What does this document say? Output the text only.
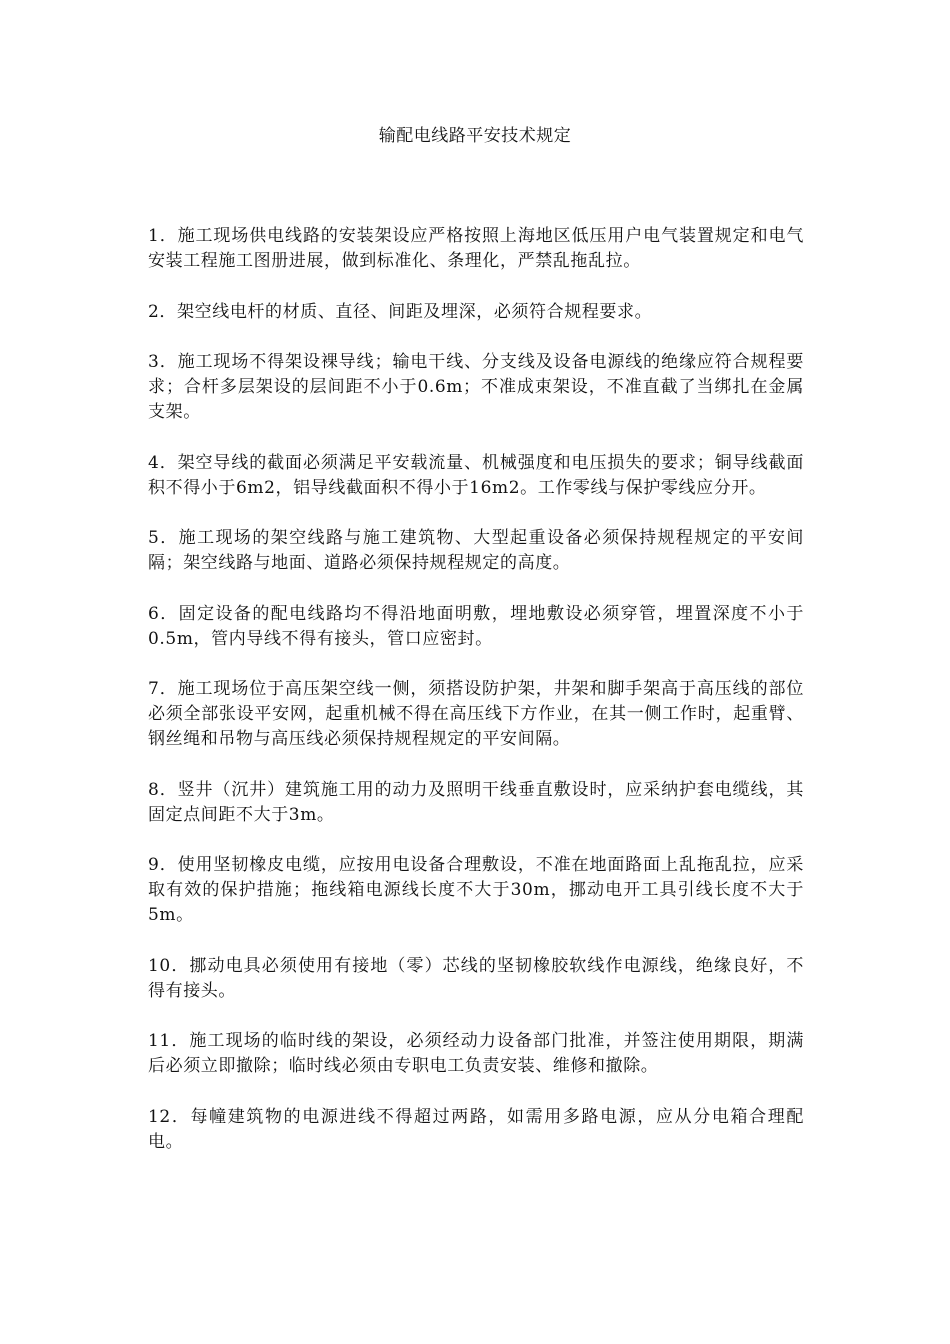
输配电线路平安技术规定
1．施工现场供电线路的安装架设应严格按照上海地区低压用户电气装置规定和电气安装工程施工图册进展，做到标准化、条理化，严禁乱拖乱拉。
2．架空线电杆的材质、直径、间距及埋深，必须符合规程要求。
3．施工现场不得架设裸导线；输电干线、分支线及设备电源线的绝缘应符合规程要求；合杆多层架设的层间距不小于0.6m；不准成束架设，不准直截了当绑扎在金属支架。
4．架空导线的截面必须满足平安载流量、机械强度和电压损失的要求；铜导线截面积不得小于6m2，铝导线截面积不得小于16m2。工作零线与保护零线应分开。
5．施工现场的架空线路与施工建筑物、大型起重设备必须保持规程规定的平安间隔；架空线路与地面、道路必须保持规程规定的高度。
6．固定设备的配电线路均不得沿地面明敷，埋地敷设必须穿管，埋置深度不小于0.5m，管内导线不得有接头，管口应密封。
7．施工现场位于高压架空线一侧，须搭设防护架，井架和脚手架高于高压线的部位必须全部张设平安网，起重机械不得在高压线下方作业，在其一侧工作时，起重臂、钢丝绳和吊物与高压线必须保持规程规定的平安间隔。
8．竖井（沉井）建筑施工用的动力及照明干线垂直敷设时，应采纳护套电缆线，其固定点间距不大于3m。
9．使用坚韧橡皮电缆，应按用电设备合理敷设，不准在地面路面上乱拖乱拉，应采取有效的保护措施；拖线箱电源线长度不大于30m，挪动电开工具引线长度不大于5m。
10．挪动电具必须使用有接地（零）芯线的坚韧橡胶软线作电源线，绝缘良好，不得有接头。
11．施工现场的临时线的架设，必须经动力设备部门批准，并签注使用期限，期满后必须立即撤除；临时线必须由专职电工负责安装、维修和撤除。
12．每幢建筑物的电源进线不得超过两路，如需用多路电源，应从分电箱合理配电。
